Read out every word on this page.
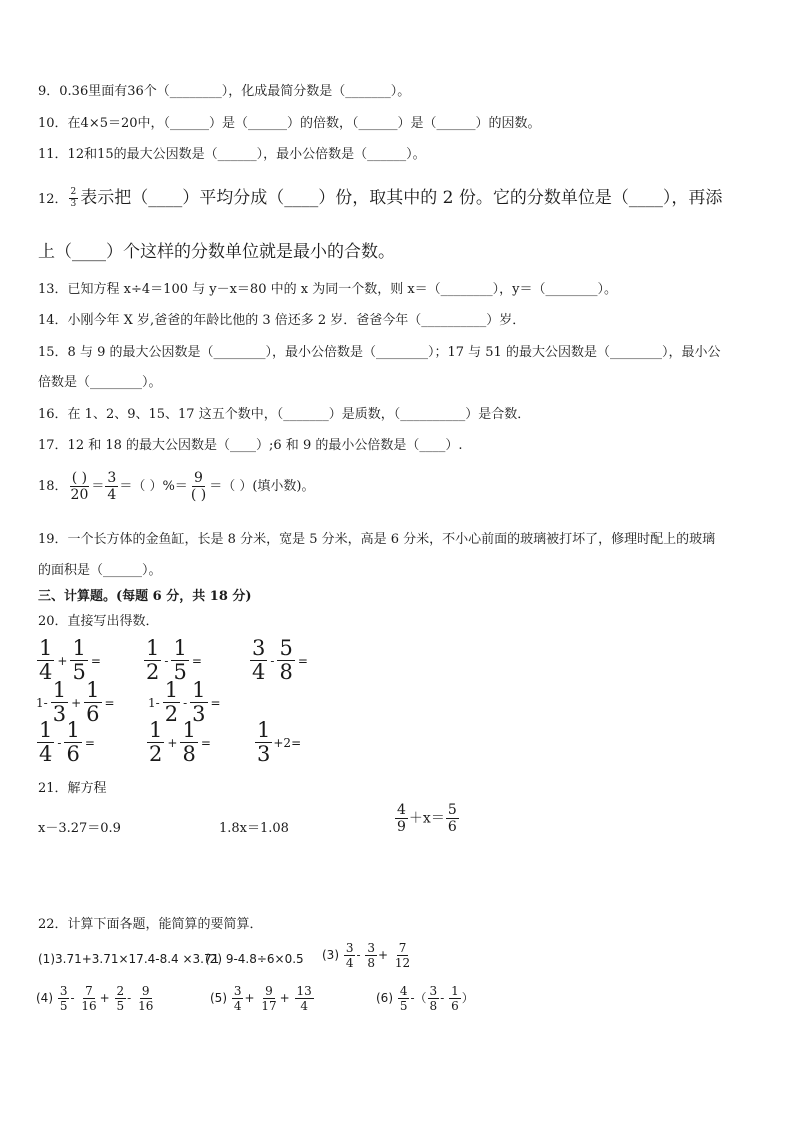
9．0.36里面有36个（________），化成最简分数是（_______）。
10．在4×5＝20中，（______）是（______）的倍数，（______）是（______）的因数。
11．12和15的最大公因数是（______），最小公倍数是（______）。
12． $\frac{2}{3}$ 表示把（____）平均分成（____）份，取其中的 2 份。它的分数单位是（____），再添
上（____）个这样的分数单位就是最小的合数。
13．已知方程 x÷4＝100 与 y－x＝80 中的 x 为同一个数，则 x＝（________），y＝（________）。
14．小刚今年 X 岁,爸爸的年龄比他的 3 倍还多 2 岁．爸爸今年（__________）岁．
15．8 与 9 的最大公因数是（________），最小公倍数是（________）；17 与 51 的最大公因数是（________），最小公
倍数是（________）。
16．在 1、2、9、15、17 这五个数中，（_______）是质数，（__________）是合数．
17．12 和 18 的最大公因数是（____）;6 和 9 的最小公倍数是（____）.
18． $\frac{( )}{20} = \frac{3}{4}$ ＝（ ）%＝ $\frac{9}{( )}$ ＝（ ）(填小数)。
19．一个长方体的金鱼缸，长是 8 分米，宽是 5 分米，高是 6 分米，不小心前面的玻璃被打坏了，修理时配上的玻璃
的面积是（______）。
三、计算题。(每题 6 分，共 18 分)
20．直接写出得数．
$\frac{1}{4} + \frac{1}{5} = \frac{1}{2} - \frac{1}{5} = \frac{3}{4} - \frac{5}{8}$ =
$1- \frac{1}{3} + \frac{1}{6}$ =	$1- \frac{1}{2} - \frac{1}{3}$ =
$\frac{1}{4} - \frac{1}{6} = \frac{1}{2} + \frac{1}{8} = \frac{1}{3} +2=$
21．解方程
x－3.27＝0.9	1.8x＝1.08	$\frac{4}{9} +x= \frac{5}{6}$
22．计算下面各题，能简算的要简算．
(1)3.71+3.71×17.4-8.4 ×3.71
(2) 9-4.8÷6×0.5 $(3) \frac{3}{4} - \frac{3}{8} + \frac{7}{12}$
$(4) \frac{3}{5} - \frac{7}{16} + \frac{2}{5} - \frac{9}{16}$	$(5) \frac{3}{4} + \frac{9}{17} + \frac{13}{4}$	$(6) \frac{4}{5}$ -（ $\frac{3}{8} - \frac{1}{6}$ ）
